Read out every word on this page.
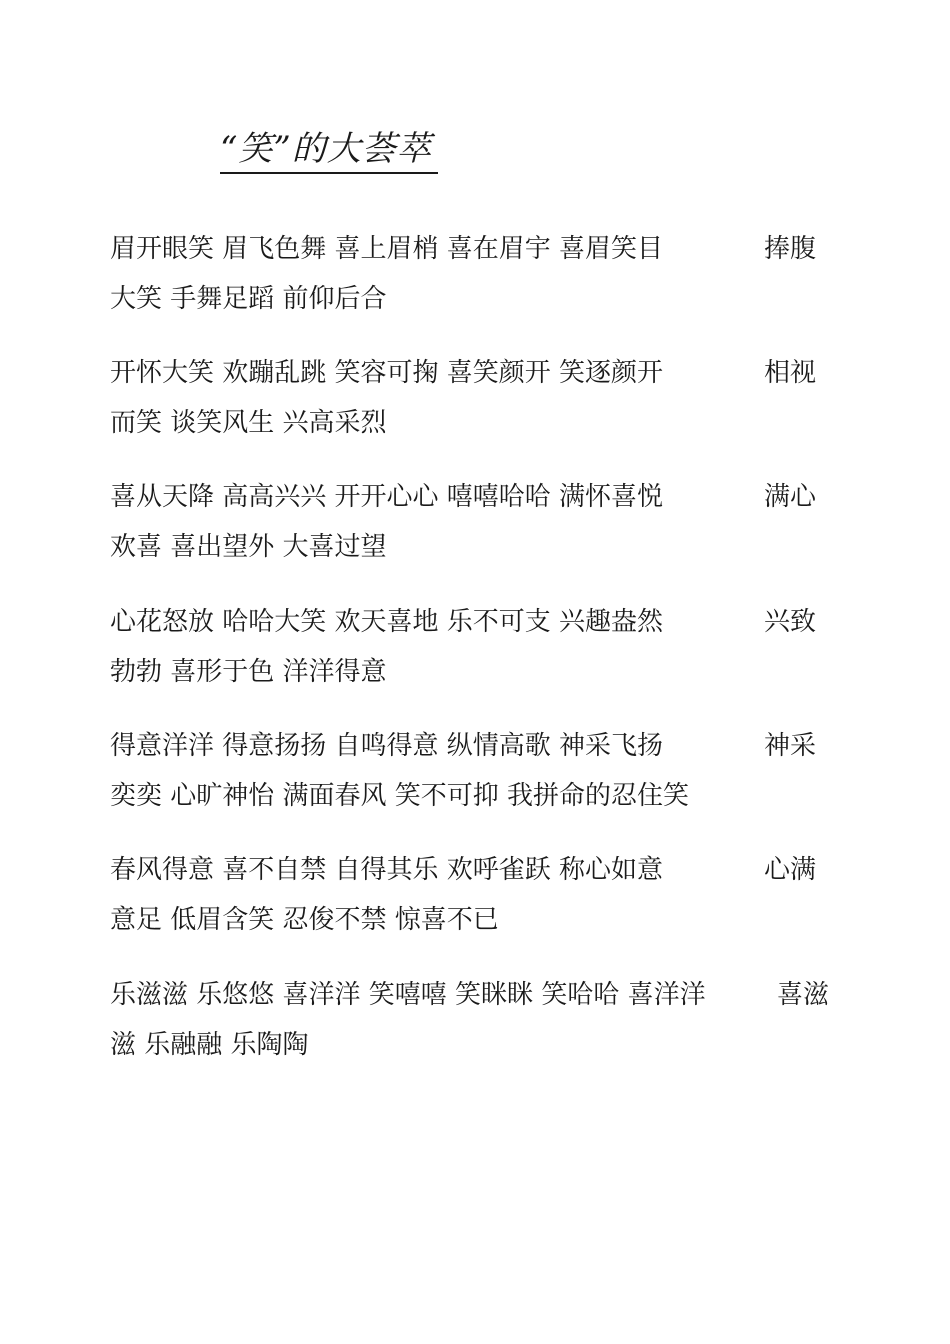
“笑”的大荟萃
眉开眼笑 眉飞色舞 喜上眉梢 喜在眉宇 喜眉笑目	捧腹
大笑 手舞足蹈 前仰后合
开怀大笑 欢蹦乱跳 笑容可掬 喜笑颜开 笑逐颜开	相视
而笑 谈笑风生 兴高采烈
喜从天降 高高兴兴 开开心心 嘻嘻哈哈 满怀喜悦	满心
欢喜 喜出望外 大喜过望
心花怒放 哈哈大笑 欢天喜地 乐不可支 兴趣盎然	兴致
勃勃 喜形于色 洋洋得意
得意洋洋 得意扬扬 自鸣得意 纵情高歌 神采飞扬	神采
奕奕 心旷神怡 满面春风 笑不可抑 我拼命的忍住笑
春风得意 喜不自禁 自得其乐 欢呼雀跃 称心如意	心满
意足 低眉含笑 忍俊不禁 惊喜不已
乐滋滋 乐悠悠 喜洋洋 笑嘻嘻 笑眯眯 笑哈哈 喜洋洋	喜滋
滋 乐融融 乐陶陶
